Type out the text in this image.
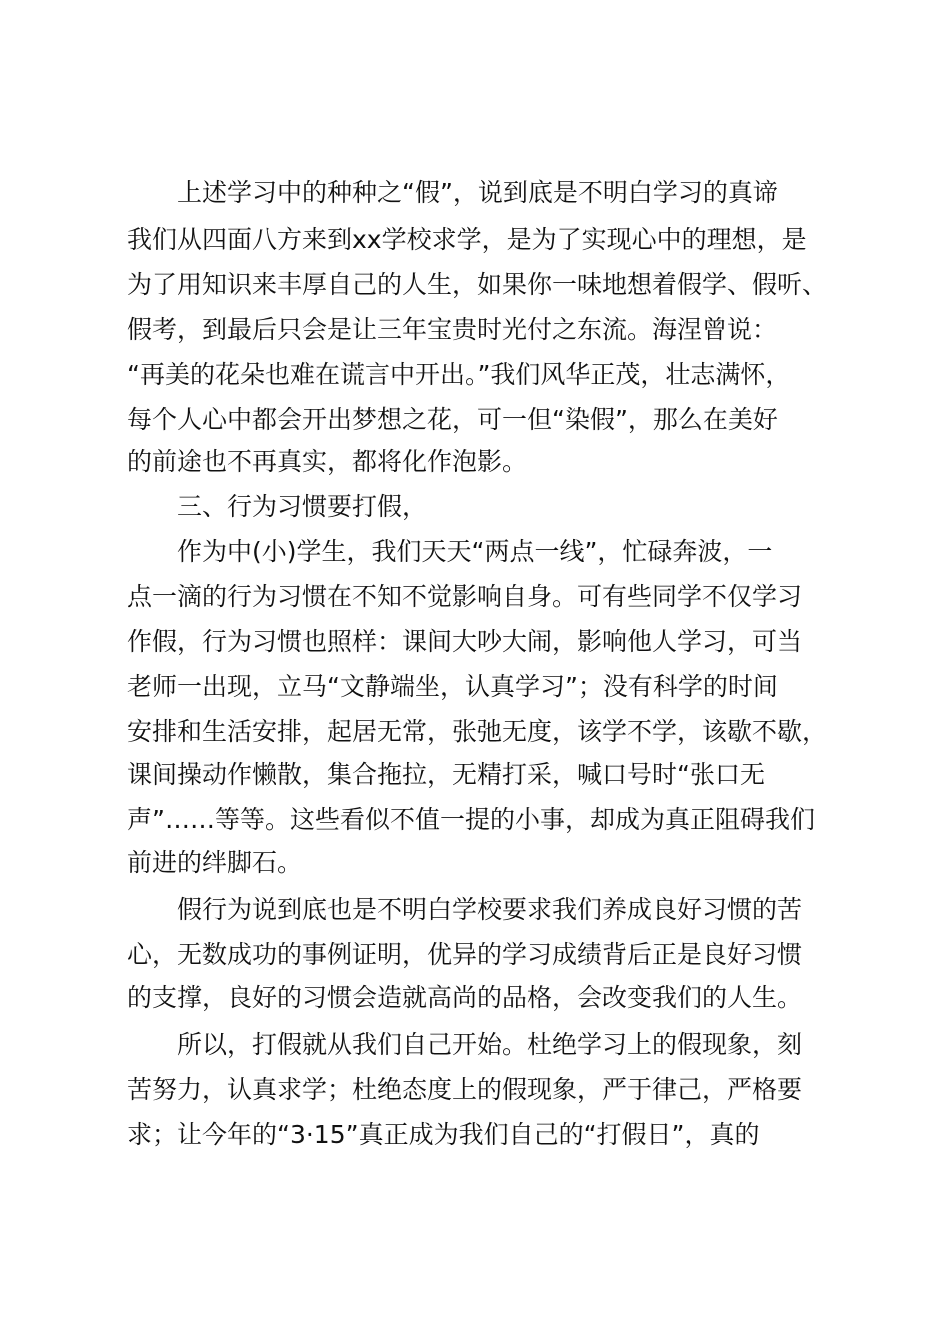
上述学习中的种种之“假”，说到底是不明白学习的真谛
我们从四面八方来到xx学校求学，是为了实现心中的理想，是
为了用知识来丰厚自己的人生，如果你一味地想着假学、假听、
假考，到最后只会是让三年宝贵时光付之东流。海涅曾说：
“再美的花朵也难在谎言中开出。”我们风华正茂，壮志满怀，
每个人心中都会开出梦想之花，可一但“染假”，那么在美好
的前途也不再真实，都将化作泡影。
三、行为习惯要打假，
作为中(小)学生，我们天天“两点一线”，忙碌奔波，一
点一滴的行为习惯在不知不觉影响自身。可有些同学不仅学习
作假，行为习惯也照样：课间大吵大闹，影响他人学习，可当
老师一出现，立马“文静端坐，认真学习”；没有科学的时间
安排和生活安排，起居无常，张弛无度，该学不学，该歇不歇，
课间操动作懒散，集合拖拉，无精打采，喊口号时“张口无
声”……等等。这些看似不值一提的小事，却成为真正阻碍我们
前进的绊脚石。
假行为说到底也是不明白学校要求我们养成良好习惯的苦
心，无数成功的事例证明，优异的学习成绩背后正是良好习惯
的支撑，良好的习惯会造就高尚的品格，会改变我们的人生。
所以，打假就从我们自己开始。杜绝学习上的假现象，刻
苦努力，认真求学；杜绝态度上的假现象，严于律己，严格要
求；让今年的“3·15”真正成为我们自己的“打假日”，真的
